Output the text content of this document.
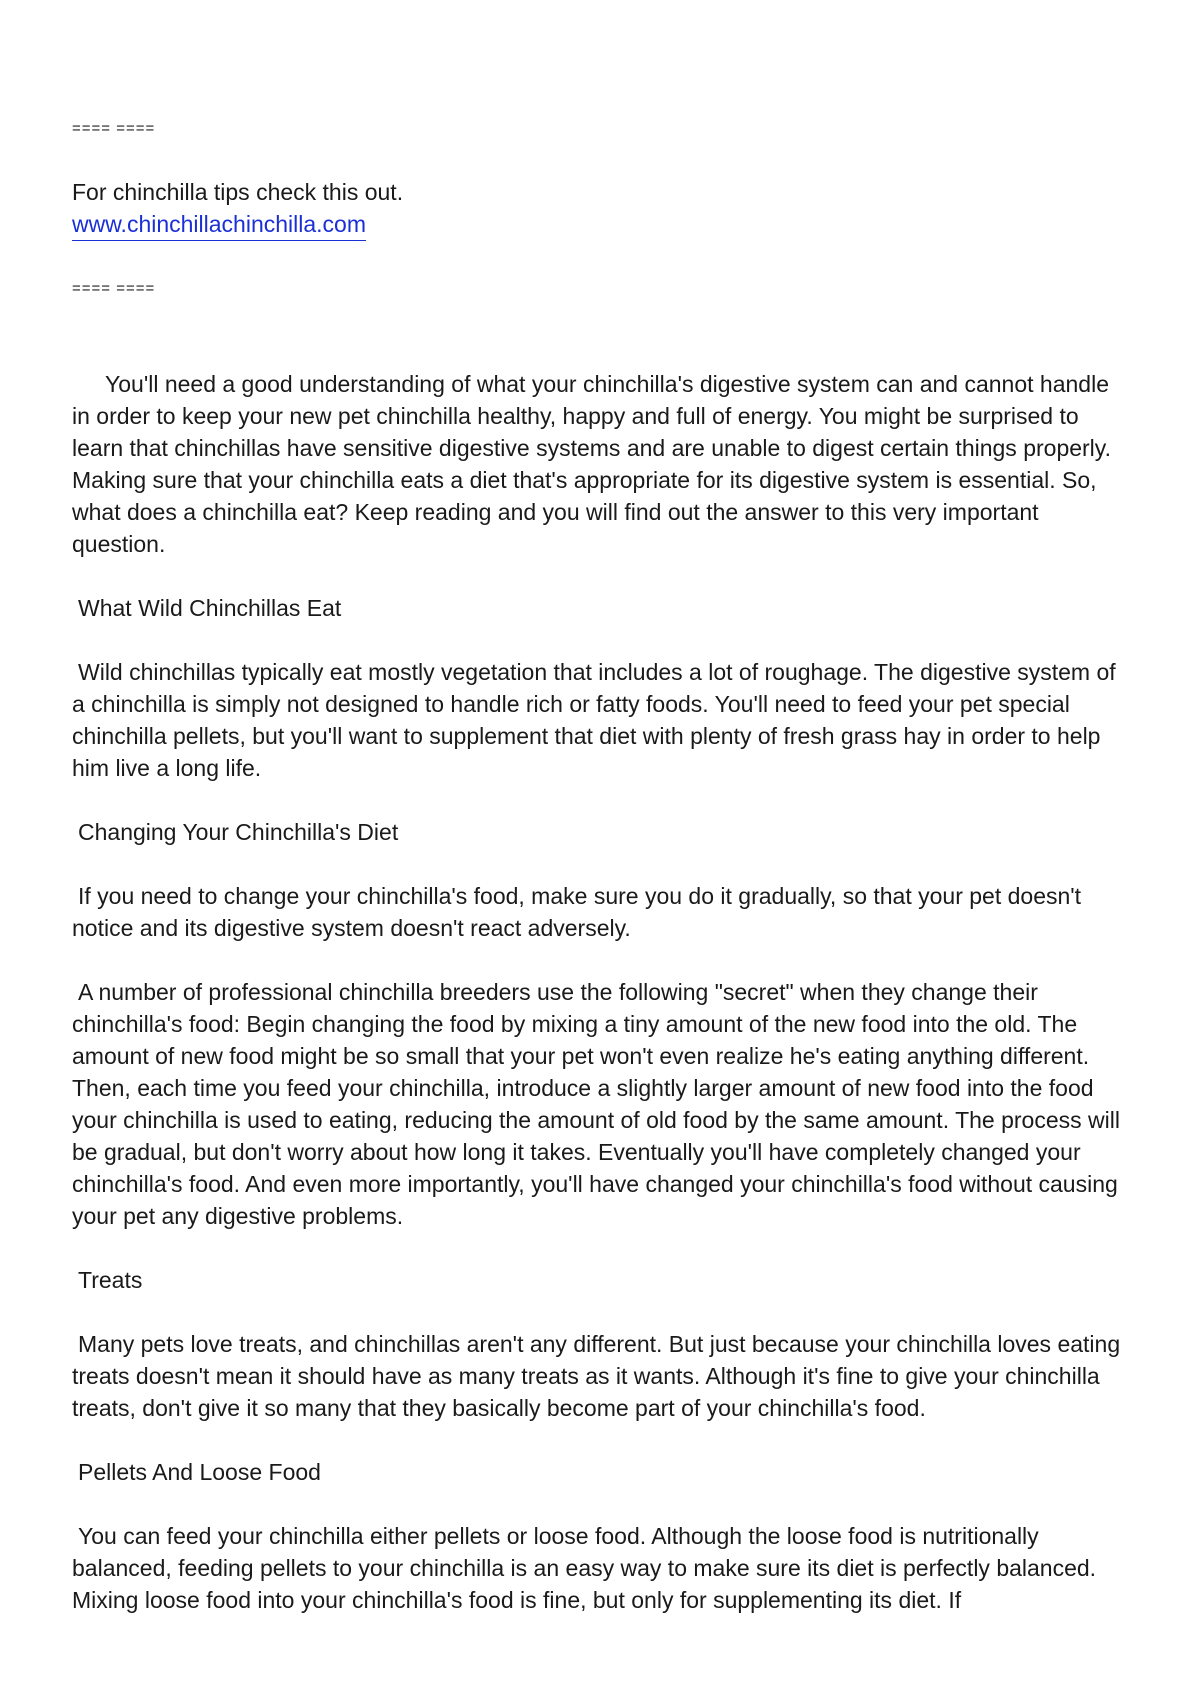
==== ====

For chinchilla tips check this out.

www.chinchillachinchilla.com
==== ====

You'll need a good understanding of what your chinchilla's digestive system can and cannot handle in order to keep your new pet chinchilla healthy, happy and full of energy. You might be surprised to learn that chinchillas have sensitive digestive systems and are unable to digest certain things properly. Making sure that your chinchilla eats a diet that's appropriate for its digestive system is essential. So, what does a chinchilla eat? Keep reading and you will find out the answer to this very important question.

What Wild Chinchillas Eat

Wild chinchillas typically eat mostly vegetation that includes a lot of roughage. The digestive system of a chinchilla is simply not designed to handle rich or fatty foods. You'll need to feed your pet special chinchilla pellets, but you'll want to supplement that diet with plenty of fresh grass hay in order to help him live a long life.

Changing Your Chinchilla's Diet

If you need to change your chinchilla's food, make sure you do it gradually, so that your pet doesn't notice and its digestive system doesn't react adversely.

A number of professional chinchilla breeders use the following "secret" when they change their chinchilla's food: Begin changing the food by mixing a tiny amount of the new food into the old. The amount of new food might be so small that your pet won't even realize he's eating anything different. Then, each time you feed your chinchilla, introduce a slightly larger amount of new food into the food your chinchilla is used to eating, reducing the amount of old food by the same amount. The process will be gradual, but don't worry about how long it takes. Eventually you'll have completely changed your chinchilla's food. And even more importantly, you'll have changed your chinchilla's food without causing your pet any digestive problems.

Treats

Many pets love treats, and chinchillas aren't any different. But just because your chinchilla loves eating treats doesn't mean it should have as many treats as it wants. Although it's fine to give your chinchilla treats, don't give it so many that they basically become part of your chinchilla's food.

Pellets And Loose Food

You can feed your chinchilla either pellets or loose food. Although the loose food is nutritionally balanced, feeding pellets to your chinchilla is an easy way to make sure its diet is perfectly balanced. Mixing loose food into your chinchilla's food is fine, but only for supplementing its diet. If
